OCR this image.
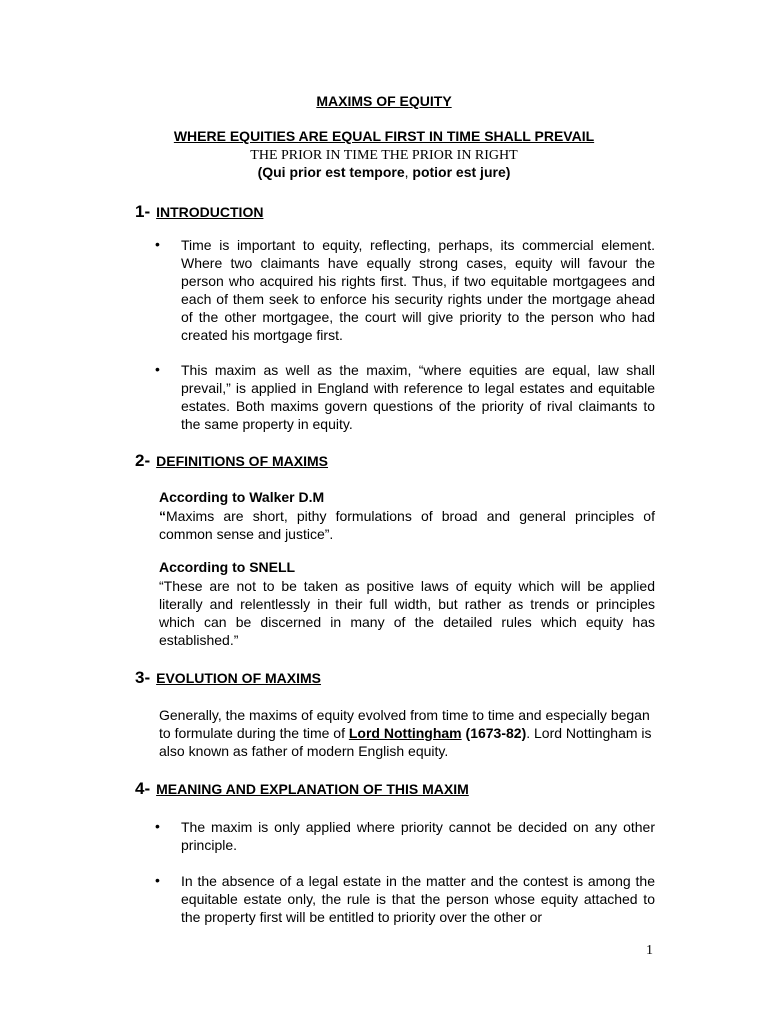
MAXIMS OF EQUITY
WHERE EQUITIES ARE EQUAL FIRST IN TIME SHALL PREVAIL
THE PRIOR IN TIME THE PRIOR IN RIGHT
(Qui prior est tempore, potior est jure)
1- INTRODUCTION
• Time is important to equity, reflecting, perhaps, its commercial element. Where two claimants have equally strong cases, equity will favour the person who acquired his rights first. Thus, if two equitable mortgagees and each of them seek to enforce his security rights under the mortgage ahead of the other mortgagee, the court will give priority to the person who had created his mortgage first.
• This maxim as well as the maxim, “where equities are equal, law shall prevail,” is applied in England with reference to legal estates and equitable estates. Both maxims govern questions of the priority of rival claimants to the same property in equity.
2- DEFINITIONS OF MAXIMS
According to Walker D.M
“Maxims are short, pithy formulations of broad and general principles of common sense and justice”.
According to SNELL
“These are not to be taken as positive laws of equity which will be applied literally and relentlessly in their full width, but rather as trends or principles which can be discerned in many of the detailed rules which equity has established.”
3- EVOLUTION OF MAXIMS
Generally, the maxims of equity evolved from time to time and especially began to formulate during the time of Lord Nottingham (1673-82). Lord Nottingham is also known as father of modern English equity.
4- MEANING AND EXPLANATION OF THIS MAXIM
• The maxim is only applied where priority cannot be decided on any other principle.
• In the absence of a legal estate in the matter and the contest is among the equitable estate only, the rule is that the person whose equity attached to the property first will be entitled to priority over the other or
1
